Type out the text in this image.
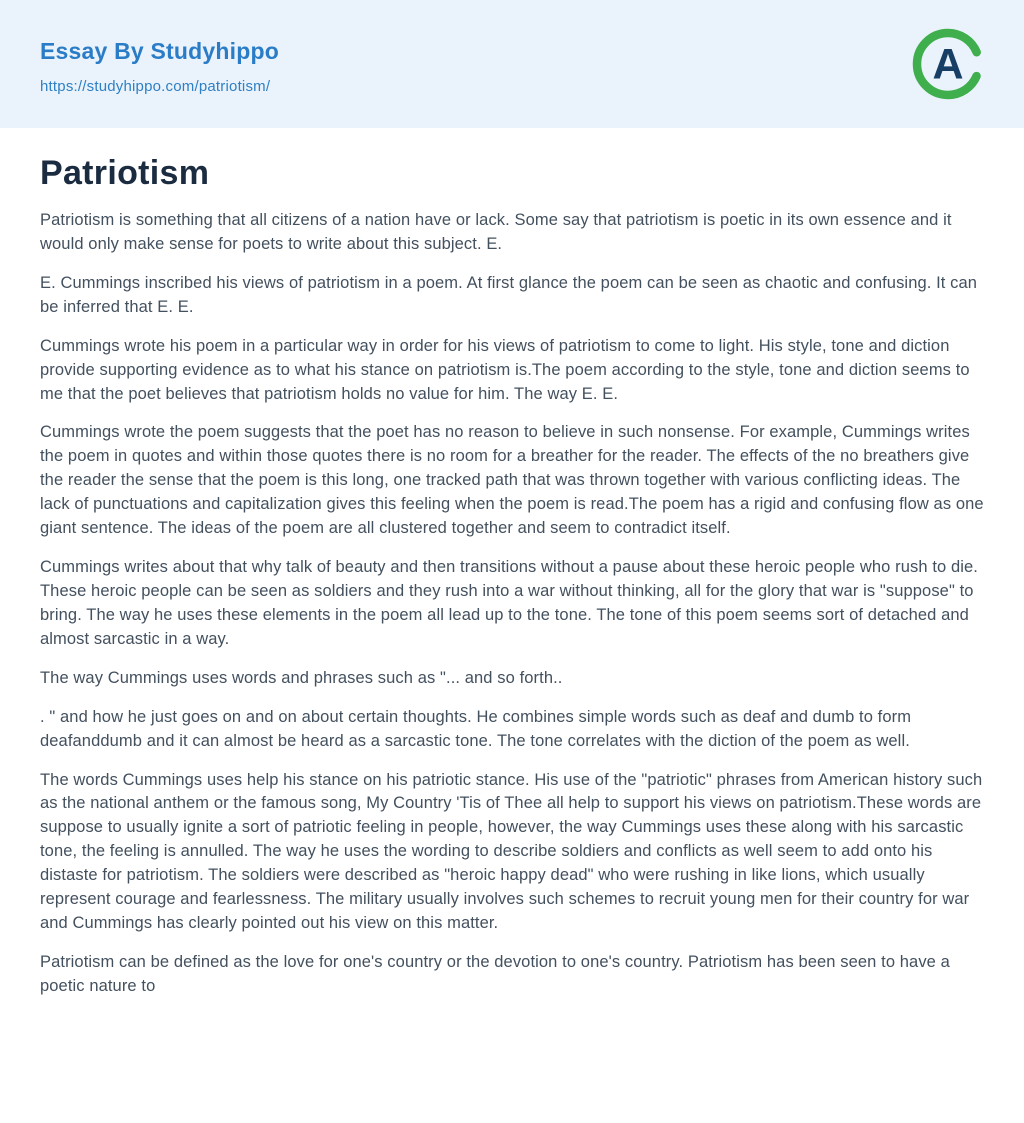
Essay By Studyhippo
https://studyhippo.com/patriotism/	A
Patriotism

Patriotism is something that all citizens of a nation have or lack. Some say that patriotism is poetic in its own essence and it would only make sense for poets to write about this subject. E.

E. Cummings inscribed his views of patriotism in a poem. At first glance the poem can be seen as chaotic and confusing. It can be inferred that E. E.

Cummings wrote his poem in a particular way in order for his views of patriotism to come to light. His style, tone and diction provide supporting evidence as to what his stance on patriotism is.The poem according to the style, tone and diction seems to me that the poet believes that patriotism holds no value for him. The way E. E.

Cummings wrote the poem suggests that the poet has no reason to believe in such nonsense. For example, Cummings writes the poem in quotes and within those quotes there is no room for a breather for the reader. The effects of the no breathers give the reader the sense that the poem is this long, one tracked path that was thrown together with various conflicting ideas. The lack of punctuations and capitalization gives this feeling when the poem is read.The poem has a rigid and confusing flow as one giant sentence. The ideas of the poem are all clustered together and seem to contradict itself.

Cummings writes about that why talk of beauty and then transitions without a pause about these heroic people who rush to die. These heroic people can be seen as soldiers and they rush into a war without thinking, all for the glory that war is "suppose" to bring. The way he uses these elements in the poem all lead up to the tone. The tone of this poem seems sort of detached and almost sarcastic in a way.

The way Cummings uses words and phrases such as "... and so forth..

. " and how he just goes on and on about certain thoughts. He combines simple words such as deaf and dumb to form deafanddumb and it can almost be heard as a sarcastic tone. The tone correlates with the diction of the poem as well.

The words Cummings uses help his stance on his patriotic stance. His use of the "patriotic" phrases from American history such as the national anthem or the famous song, My Country 'Tis of Thee all help to support his views on patriotism.These words are suppose to usually ignite a sort of patriotic feeling in people, however, the way Cummings uses these along with his sarcastic tone, the feeling is annulled. The way he uses the wording to describe soldiers and conflicts as well seem to add onto his distaste for patriotism. The soldiers were described as "heroic happy dead" who were rushing in like lions, which usually represent courage and fearlessness. The military usually involves such schemes to recruit young men for their country for war and Cummings has clearly pointed out his view on this matter.

Patriotism can be defined as the love for one's country or the devotion to one's country. Patriotism has been seen to have a poetic nature to
